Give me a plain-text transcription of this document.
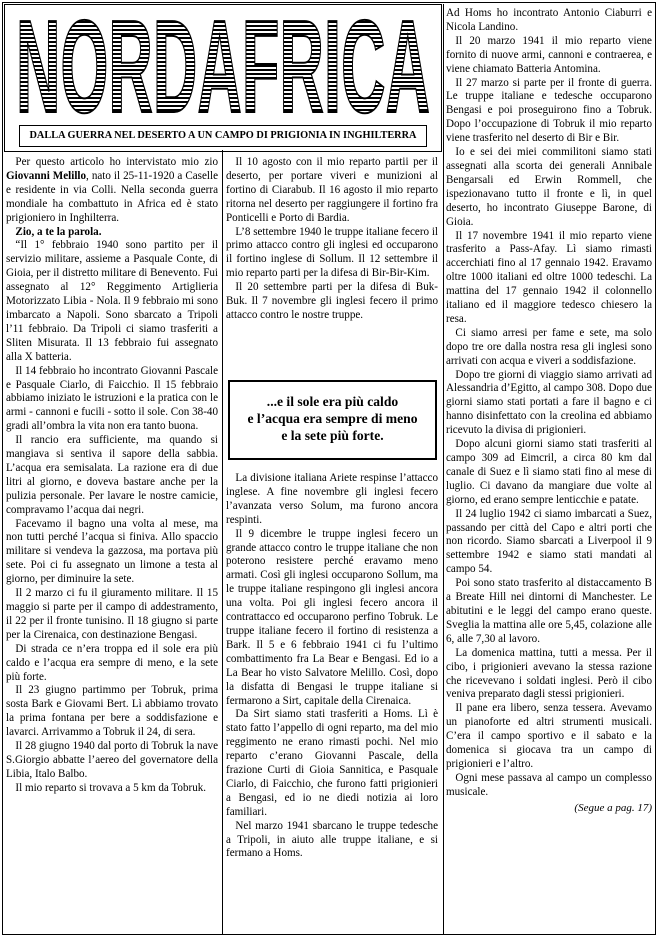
NORDAFRICA
DALLA GUERRA NEL DESERTO A UN CAMPO DI PRIGIONIA IN INGHILTERRA

Per questo articolo ho intervistato mio zio Giovanni Melillo, nato il 25-11-1920 a Caselle e residente in via Colli. Nella seconda guerra mondiale ha combattuto in Africa ed è stato prigioniero in Inghilterra.

Zio, a te la parola.

“Il 1° febbraio 1940 sono partito per il servizio militare, assieme a Pasquale Conte, di Gioia, per il distretto militare di Benevento. Fui assegnato al 12° Reggimento Artiglieria Motorizzato Libia - Nola. Il 9 febbraio mi sono imbarcato a Napoli. Sono sbarcato a Tripoli l’11 febbraio. Da Tripoli ci siamo trasferiti a Sliten Misurata. Il 13 febbraio fui assegnato alla X batteria.

Il 14 febbraio ho incontrato Giovanni Pascale e Pasquale Ciarlo, di Faicchio. Il 15 febbraio abbiamo iniziato le istruzioni e la pratica con le armi - cannoni e fucili - sotto il sole. Con 38-40 gradi all’ombra la vita non era tanto buona.

Il rancio era sufficiente, ma quando si mangiava si sentiva il sapore della sabbia. L’acqua era semisalata. La razione era di due litri al giorno, e doveva bastare anche per la pulizia personale. Per lavare le nostre camicie, compravamo l’acqua dai negri.

Facevamo il bagno una volta al mese, ma non tutti perché l’acqua si finiva. Allo spaccio militare si vendeva la gazzosa, ma portava più sete. Poi ci fu assegnato un limone a testa al giorno, per diminuire la sete.

Il 2 marzo ci fu il giuramento militare. Il 15 maggio si parte per il campo di addestramento, il 22 per il fronte tunisino. Il 18 giugno si parte per la Cirenaica, con destinazione Bengasi.

Di strada ce n’era troppa ed il sole era più caldo e l’acqua era sempre di meno, e la sete più forte.

Il 23 giugno partimmo per Tobruk, prima sosta Bark e Giovami Bert. Lì abbiamo trovato la prima fontana per bere a soddisfazione e lavarci. Arrivammo a Tobruk il 24, di sera.

Il 28 giugno 1940 dal porto di Tobruk la nave S.Giorgio abbatte l’aereo del governatore della Libia, Italo Balbo.

Il mio reparto si trovava a 5 km da Tobruk.

Il 10 agosto con il mio reparto partii per il deserto, per portare viveri e munizioni al fortino di Ciarabub. Il 16 agosto il mio reparto ritorna nel deserto per raggiungere il fortino fra Ponticelli e Porto di Bardia.

L’8 settembre 1940 le truppe italiane fecero il primo attacco contro gli inglesi ed occuparono il fortino inglese di Sollum. Il 12 settembre il mio reparto parti per la difesa di Bir-Bir-Kim.

Il 20 settembre parti per la difesa di Buk-Buk. Il 7 novembre gli inglesi fecero il primo attacco contro le nostre truppe.

...e il sole era più caldo
e l’acqua era sempre di meno
e la sete più forte.

La divisione italiana Ariete respinse l’attacco inglese. A fine novembre gli inglesi fecero l’avanzata verso Solum, ma furono ancora respinti.

Il 9 dicembre le truppe inglesi fecero un grande attacco contro le truppe italiane che non poterono resistere perché eravamo meno armati. Così gli inglesi occuparono Sollum, ma le truppe italiane respingono gli inglesi ancora una volta. Poi gli inglesi fecero ancora il contrattacco ed occuparono perfino Tobruk. Le truppe italiane fecero il fortino di resistenza a Bark. Il 5 e 6 febbraio 1941 ci fu l’ultimo combattimento fra La Bear e Bengasi. Ed io a La Bear ho visto Salvatore Melillo. Così, dopo la disfatta di Bengasi le truppe italiane si fermarono a Sirt, capitale della Cirenaica.

Da Sirt siamo stati trasferiti a Homs. Lì è stato fatto l’appello di ogni reparto, ma del mio reggimento ne erano rimasti pochi. Nel mio reparto c’erano Giovanni Pascale, della frazione Curti di Gioia Sannitica, e Pasquale Ciarlo, di Faicchio, che furono fatti prigionieri a Bengasi, ed io ne diedi notizia ai loro familiari.

Nel marzo 1941 sbarcano le truppe tedesche a Tripoli, in aiuto alle truppe italiane, e si fermano a Homs.

Ad Homs ho incontrato Antonio Ciaburri e Nicola Landino.

Il 20 marzo 1941 il mio reparto viene fornito di nuove armi, cannoni e contraerea, e viene chiamato Batteria Antomina.

Il 27 marzo si parte per il fronte di guerra. Le truppe italiane e tedesche occuparono Bengasi e poi proseguirono fino a Tobruk. Dopo l’occupazione di Tobruk il mio reparto viene trasferito nel deserto di Bir e Bir.

Io e sei dei miei commilitoni siamo stati assegnati alla scorta dei generali Annibale Bengarsali ed Erwin Rommell, che ispezionavano tutto il fronte e lì, in quel deserto, ho incontrato Giuseppe Barone, di Gioia.

Il 17 novembre 1941 il mio reparto viene trasferito a Pass-Afay. Lì siamo rimasti accerchiati fino al 17 gennaio 1942. Eravamo oltre 1000 italiani ed oltre 1000 tedeschi. La mattina del 17 gennaio 1942 il colonnello italiano ed il maggiore tedesco chiesero la resa.

Ci siamo arresi per fame e sete, ma solo dopo tre ore dalla nostra resa gli inglesi sono arrivati con acqua e viveri a soddisfazione.

Dopo tre giorni di viaggio siamo arrivati ad Alessandria d’Egitto, al campo 308. Dopo due giorni siamo stati portati a fare il bagno e ci hanno disinfettato con la creolina ed abbiamo ricevuto la divisa di prigionieri.

Dopo alcuni giorni siamo stati trasferiti al campo 309 ad Eimcril, a circa 80 km dal canale di Suez e lì siamo stati fino al mese di luglio. Ci davano da mangiare due volte al giorno, ed erano sempre lenticchie e patate.

Il 24 luglio 1942 ci siamo imbarcati a Suez, passando per città del Capo e altri porti che non ricordo. Siamo sbarcati a Liverpool il 9 settembre 1942 e siamo stati mandati al campo 54.

Poi sono stato trasferito al distaccamento B a Breate Hill nei dintorni di Manchester. Le abitutini e le leggi del campo erano queste. Sveglia la mattina alle ore 5,45, colazione alle 6, alle 7,30 al lavoro.

La domenica mattina, tutti a messa. Per il cibo, i prigionieri avevano la stessa razione che ricevevano i soldati inglesi. Però il cibo veniva preparato dagli stessi prigionieri.

Il pane era libero, senza tessera. Avevamo un pianoforte ed altri strumenti musicali. C’era il campo sportivo e il sabato e la domenica si giocava tra un campo di prigionieri e l’altro.

Ogni mese passava al campo un complesso musicale.

(Segue a pag. 17)
